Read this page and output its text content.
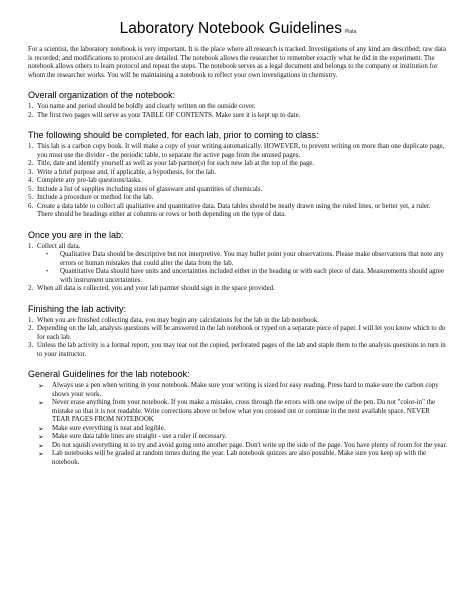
Laboratory Notebook Guidelines Plata

For a scientist, the laboratory notebook is very important. It is the place where all research is tracked. Investigations of any kind are described; raw data is recorded; and modifications to protocol are detailed. The notebook allows the researcher to remember exactly what he did in the experiment. The notebook allows others to learn protocol and repeat the steps. The notebook serves as a legal document and belongs to the company or institution for whom the researcher works. You will be maintaining a notebook to reflect your own investigations in chemistry.

Overall organization of the notebook:
1. You name and period should be boldly and clearly written on the outside cover.
2. The first two pages will serve as your TABLE OF CONTENTS. Make sure it is kept up to date.
The following should be completed, for each lab, prior to coming to class:
1. This lab is a carbon copy book. It will make a copy of your writing automatically. HOWEVER, to prevent writing on more than one duplicate page, you must use the divider - the periodic table, to separate the active page from the unused pages.
2. Title, date and identify yourself as well as your lab partner(s) for each new lab at the top of the page.
3. Write a brief purpose and, if applicable, a hypothesis, for the lab.
4. Complete any pre-lab questions/tasks.
5. Include a list of supplies including sizes of glassware and quantities of chemicals.
5. Include a procedure or method for the lab.
6. Create a data table to collect all qualitative and quantitative data. Data tables should be neatly drawn using the ruled lines, or better yet, a ruler. There should be headings either at columns or rows or both depending on the type of data.
Once you are in the lab:
1. Collect all data.
•	Qualitative Data should be descriptive but not interpretive. You may bullet point your observations. Please make observations that note any errors or human mistakes that could alter the data from the lab.
•	Quantitative Data should have units and uncertainties included either in the heading or with each piece of data. Measurements should agree with instrument uncertainties.
2. When all data is collected, you and your lab partner should sign in the space provided.
Finishing the lab activity:
1. When you are finished collecting data, you may begin any calculations for the lab in the lab notebook.
2. Depending on the lab, analysis questions will be answered in the lab notebook or typed on a separate piece of paper. I will let you know which to do for each lab.
3. Unless the lab activity is a formal report, you may tear out the copied, perforated pages of the lab and staple them to the analysis questions to turn in to your instructor.
General Guidelines for the lab notebook:
➢	Always use a pen when writing in your notebook. Make sure your writing is sized for easy reading. Press hard to make sure the carbon copy shows your work.
➢	Never erase anything from your notebook. If you make a mistake, cross through the errors with one swipe of the pen. Do not "color-in" the mistake so that it is not readable. Write corrections above or below what you crossed out or continue in the next available space. NEVER TEAR PAGES FROM NOTEBOOK
➢	Make sure everything is neat and legible.
➢	Make sure data table lines are straight - use a ruler if necessary.
➢	Do not squish everything in to try and avoid going onto another page. Don't write up the side of the page. You have plenty of room for the year.
➢	Lab notebooks will be graded at random times during the year. Lab notebook quizzes are also possible. Make sure you keep up with the notebook.
